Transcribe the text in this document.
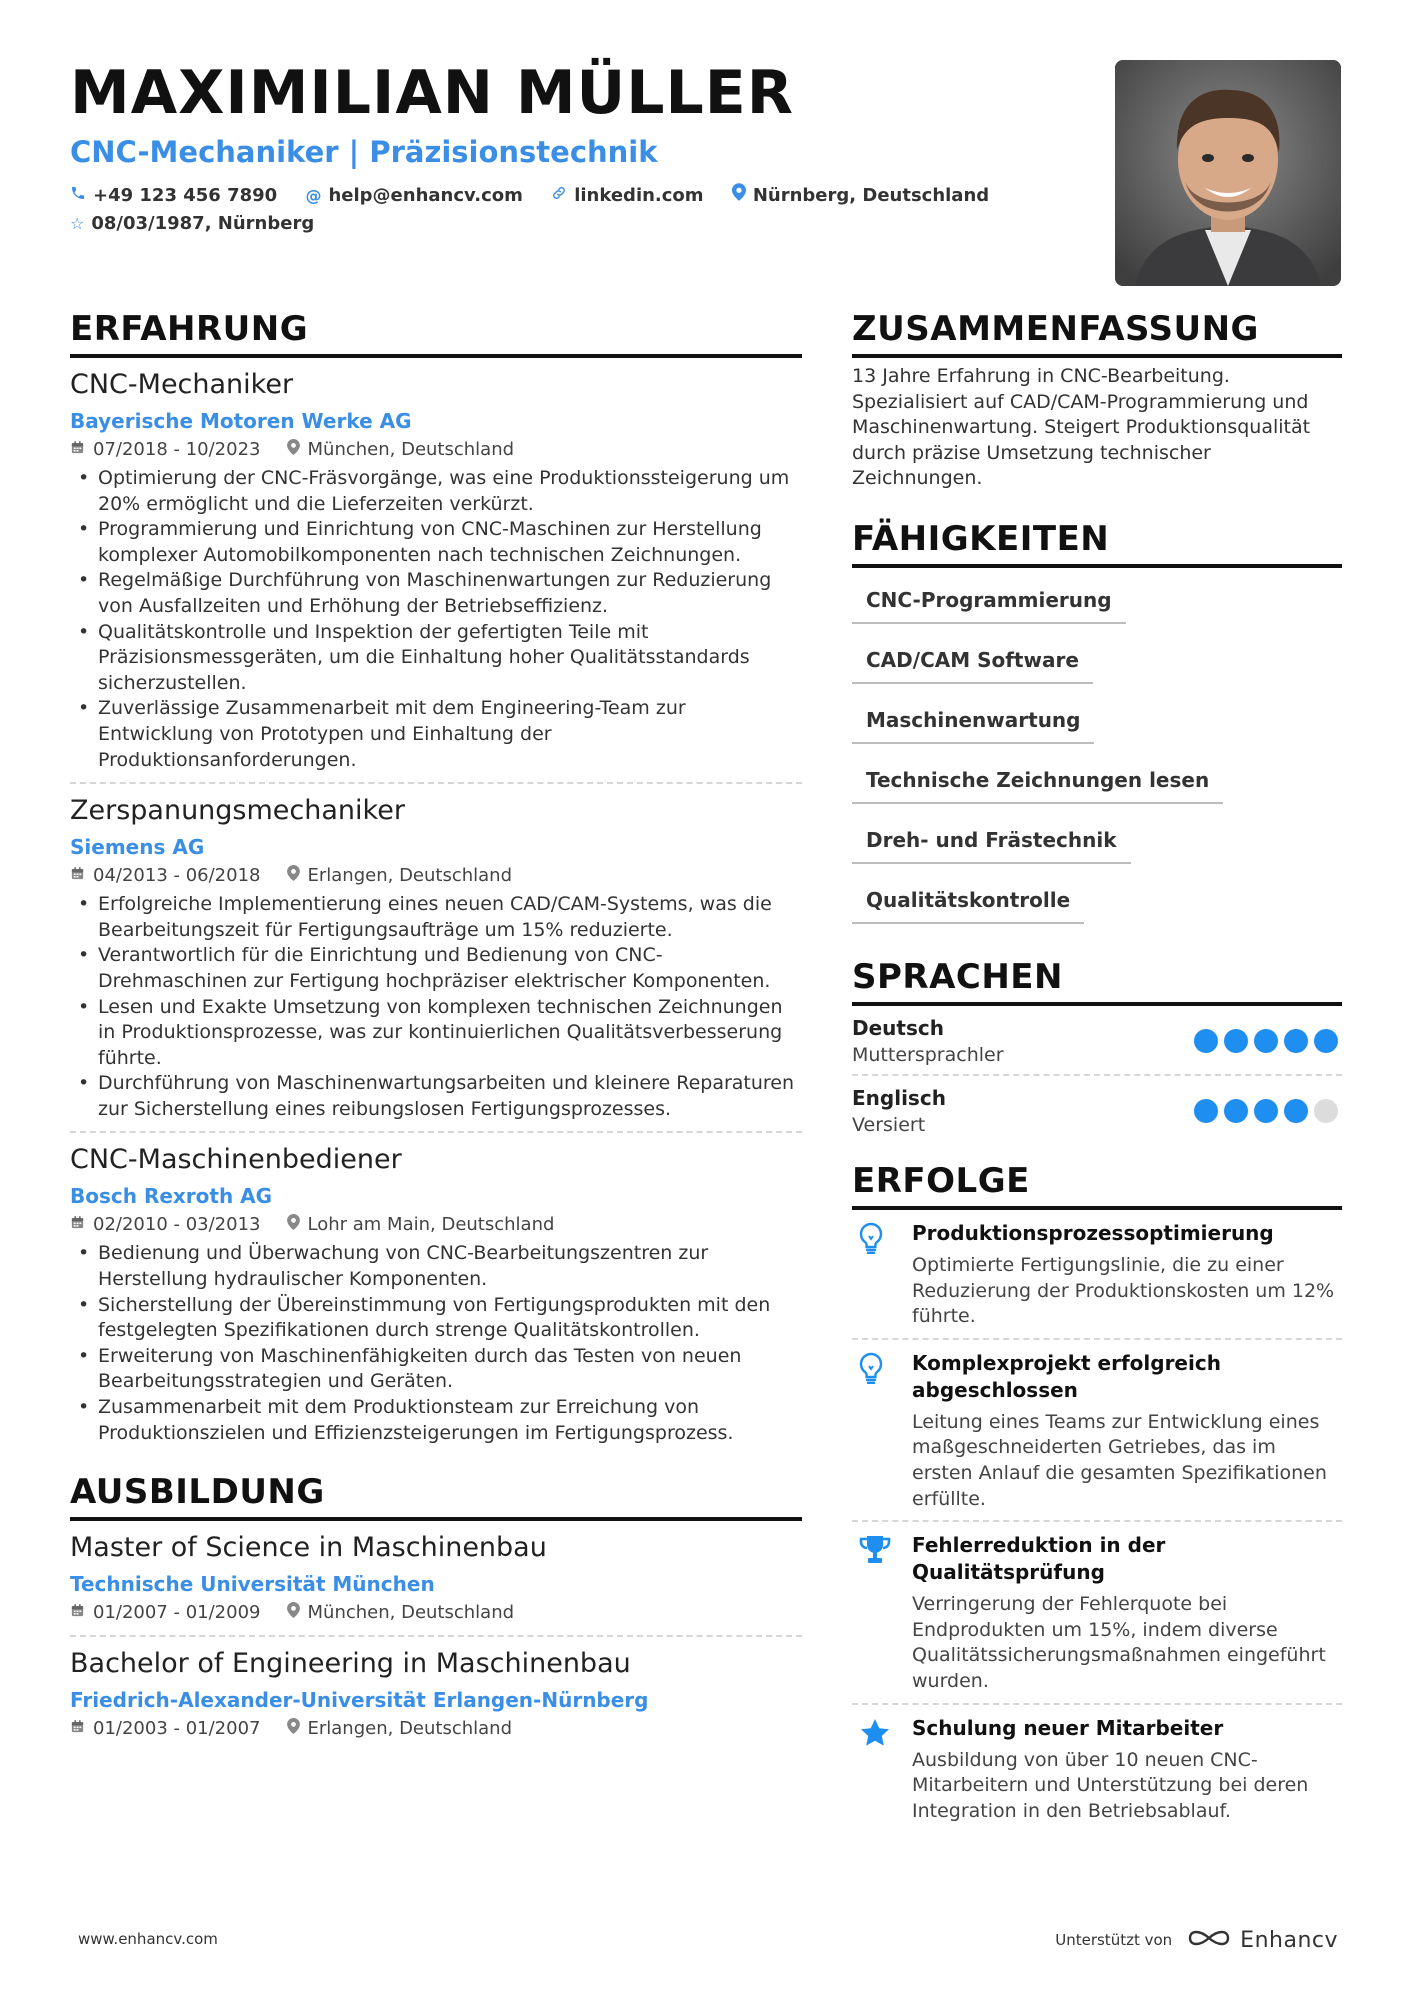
MAXIMILIAN MÜLLER
CNC-Mechaniker | Präzisionstechnik
+49 123 456 7890
@ help@enhancv.com
	linkedin.com
	Nürnberg, Deutschland
☆ 08/03/1987, Nürnberg
ERFAHRUNG
CNC-Mechaniker
Bayerische Motoren Werke AG
07/2018 - 10/2023	München, Deutschland
• Optimierung der CNC-Fräsvorgänge, was eine Produktionssteigerung um 20% ermöglicht und die Lieferzeiten verkürzt.
• Programmierung und Einrichtung von CNC-Maschinen zur Herstellung komplexer Automobilkomponenten nach technischen Zeichnungen.
• Regelmäßige Durchführung von Maschinenwartungen zur Reduzierung von Ausfallzeiten und Erhöhung der Betriebseffizienz.
• Qualitätskontrolle und Inspektion der gefertigten Teile mit Präzisionsmessgeräten, um die Einhaltung hoher Qualitätsstandards sicherzustellen.
• Zuverlässige Zusammenarbeit mit dem Engineering-Team zur Entwicklung von Prototypen und Einhaltung der Produktionsanforderungen.
Zerspanungsmechaniker
Siemens AG
04/2013 - 06/2018	Erlangen, Deutschland
• Erfolgreiche Implementierung eines neuen CAD/CAM-Systems, was die Bearbeitungszeit für Fertigungsaufträge um 15% reduzierte.
• Verantwortlich für die Einrichtung und Bedienung von CNC-Drehmaschinen zur Fertigung hochpräziser elektrischer Komponenten.
• Lesen und Exakte Umsetzung von komplexen technischen Zeichnungen in Produktionsprozesse, was zur kontinuierlichen Qualitätsverbesserung führte.
• Durchführung von Maschinenwartungsarbeiten und kleinere Reparaturen zur Sicherstellung eines reibungslosen Fertigungsprozesses.
CNC-Maschinenbediener
Bosch Rexroth AG
02/2010 - 03/2013	Lohr am Main, Deutschland
• Bedienung und Überwachung von CNC-Bearbeitungszentren zur Herstellung hydraulischer Komponenten.
• Sicherstellung der Übereinstimmung von Fertigungsprodukten mit den festgelegten Spezifikationen durch strenge Qualitätskontrollen.
• Erweiterung von Maschinenfähigkeiten durch das Testen von neuen Bearbeitungsstrategien und Geräten.
• Zusammenarbeit mit dem Produktionsteam zur Erreichung von Produktionszielen und Effizienzsteigerungen im Fertigungsprozess.
AUSBILDUNG
Master of Science in Maschinenbau
Technische Universität München
01/2007 - 01/2009	München, Deutschland
Bachelor of Engineering in Maschinenbau
Friedrich-Alexander-Universität Erlangen-Nürnberg
01/2003 - 01/2007	Erlangen, Deutschland
ZUSAMMENFASSUNG
13 Jahre Erfahrung in CNC-Bearbeitung. Spezialisiert auf CAD/CAM-Programmierung und Maschinenwartung. Steigert Produktionsqualität durch präzise Umsetzung technischer Zeichnungen.
FÄHIGKEITEN
CNC-Programmierung
CAD/CAM Software
Maschinenwartung
Technische Zeichnungen lesen
Dreh- und Frästechnik
Qualitätskontrolle
SPRACHEN
Deutsch
Muttersprachler
Englisch
Versiert
ERFOLGE
Produktionsprozessoptimierung
Optimierte Fertigungslinie, die zu einer Reduzierung der Produktionskosten um 12% führte.
Komplexprojekt erfolgreich abgeschlossen
Leitung eines Teams zur Entwicklung eines maßgeschneiderten Getriebes, das im ersten Anlauf die gesamten Spezifikationen erfüllte.
Fehlerreduktion in der Qualitätsprüfung
Verringerung der Fehlerquote bei Endprodukten um 15%, indem diverse Qualitätssicherungsmaßnahmen eingeführt wurden.
Schulung neuer Mitarbeiter
Ausbildung von über 10 neuen CNC-Mitarbeitern und Unterstützung bei deren Integration in den Betriebsablauf.
www.enhancv.com	Unterstützt von	Enhancv
